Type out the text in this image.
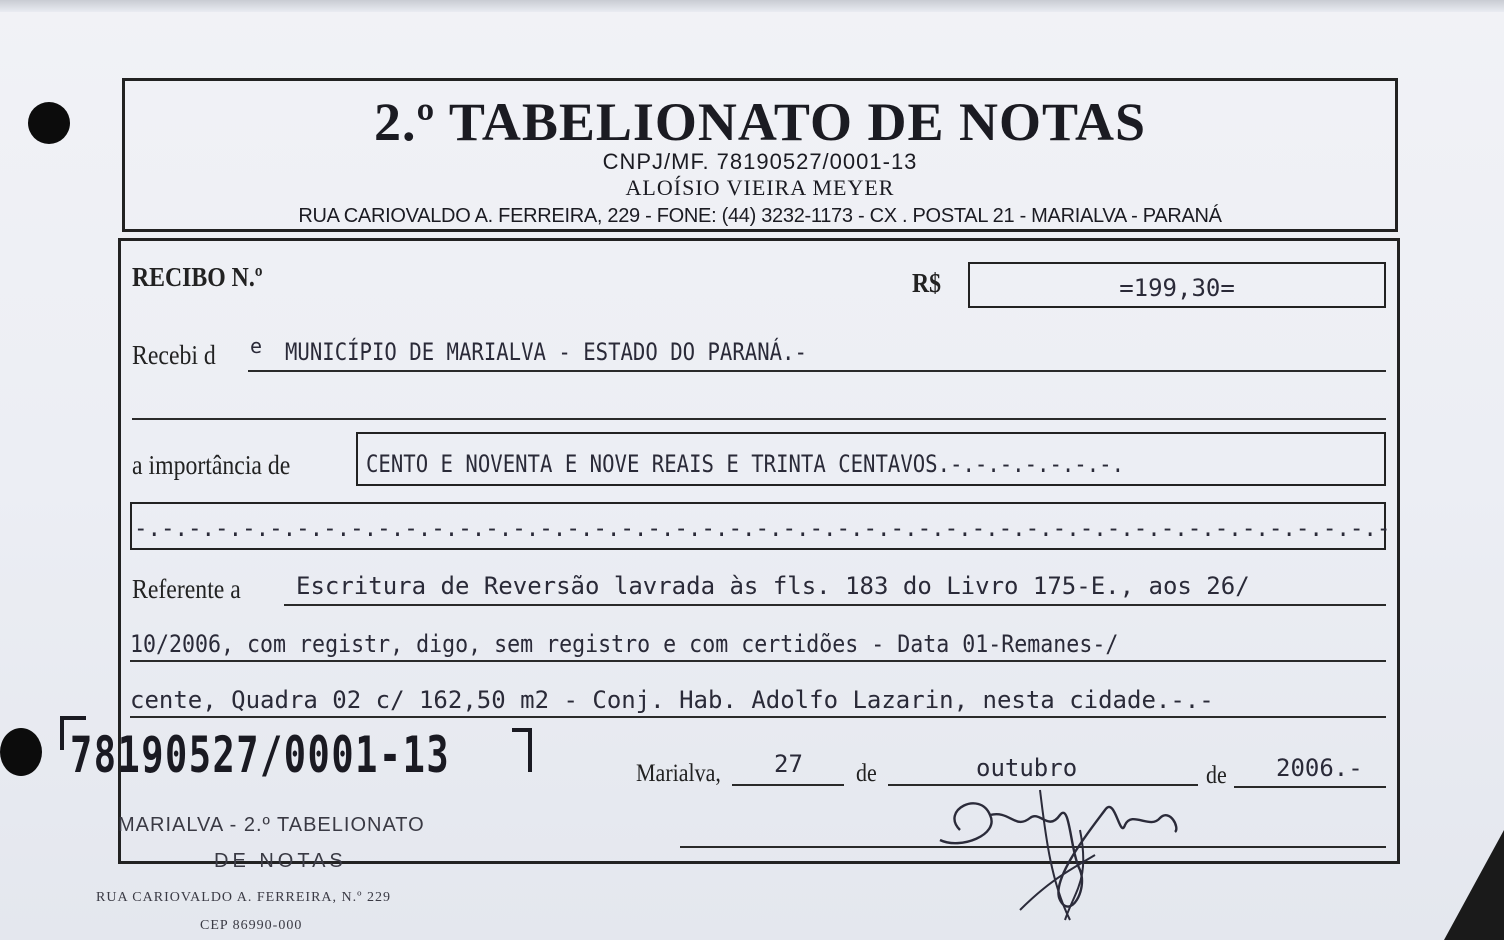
2.º TABELIONATO DE NOTAS
CNPJ/MF. 78190527/0001-13
ALOÍSIO VIEIRA MEYER
RUA CARIOVALDO A. FERREIRA, 229 - FONE: (44) 3232-1173 - CX . POSTAL 21 - MARIALVA - PARANÁ
RECIBO N.º	R$	=199,30=
Recebi d e MUNICÍPIO DE MARIALVA - ESTADO DO PARANÁ.-
a importância de	CENTO E NOVENTA E NOVE REAIS E TRINTA CENTAVOS.-.-.-.-.-.-.-.
-.-.-.-.-.-.-.-.-.-.-.-.-.-.-.-.-.-.-.-.-.-.-.-.-.-.-.-.-.-.-.-.-.-.-.-.-.-.-.-.-.-.-.-.-.-.-
Referente a Escritura de Reversão lavrada às fls. 183 do Livro 175-E., aos 26/
10/2006, com registr, digo, sem registro e com certidões - Data 01-Remanes-/
cente, Quadra 02 c/ 162,50 m2 - Conj. Hab. Adolfo Lazarin, nesta cidade.-.-
Marialva, 27 de	outubro	de 2006.-
78190527/0001-13
MARIALVA - 2.º TABELIONATO
DE NOTAS
RUA CARIOVALDO A. FERREIRA, N.º 229
CEP 86990-000
